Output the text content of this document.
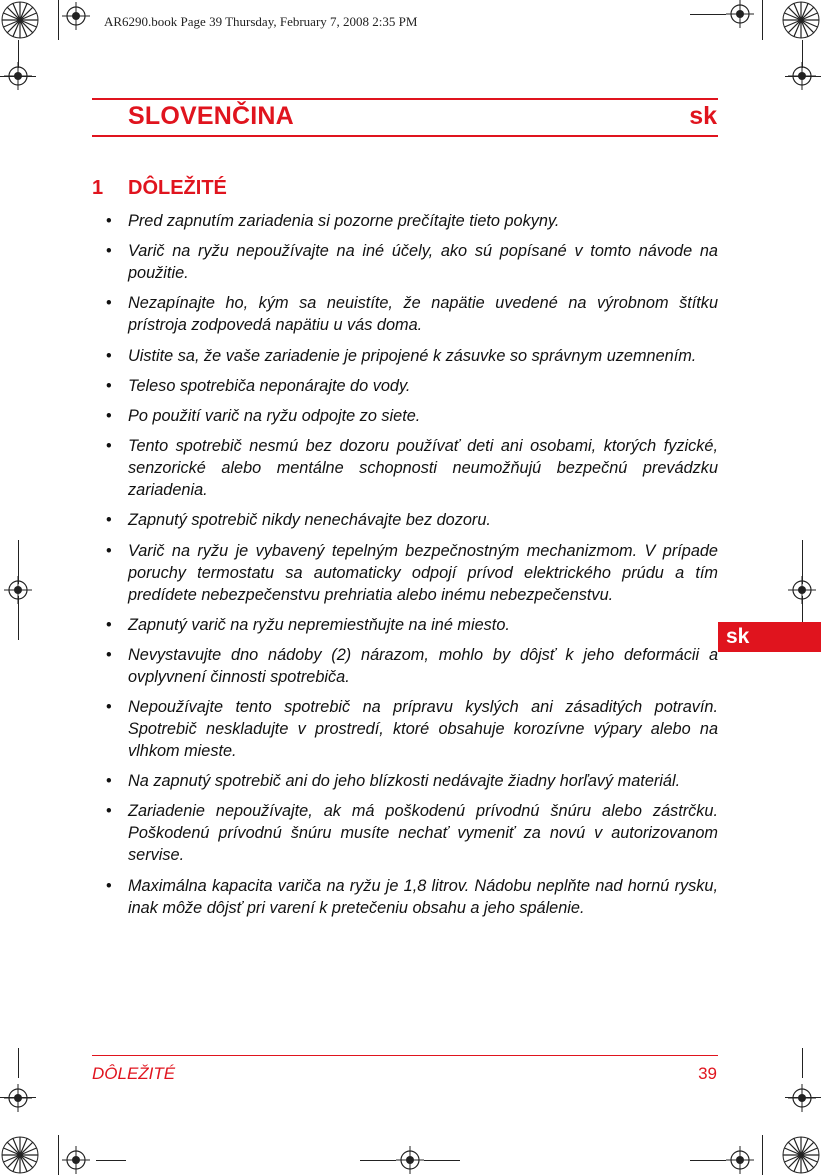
AR6290.book Page 39 Thursday, February 7, 2008 2:35 PM
SLOVENČINA	sk
1 DÔLEŽITÉ
sk
• Pred zapnutím zariadenia si pozorne prečítajte tieto pokyny.
• Varič na ryžu nepoužívajte na iné účely, ako sú popísané v tomto návode na použitie.
• Nezapínajte ho, kým sa neuistíte, že napätie uvedené na výrobnom štítku prístroja zodpovedá napätiu u vás doma.
• Uistite sa, že vaše zariadenie je pripojené k zásuvke so správnym uzemnením.
• Teleso spotrebiča neponárajte do vody.
• Po použití varič na ryžu odpojte zo siete.
• Tento spotrebič nesmú bez dozoru používať deti ani osobami, ktorých fyzické, senzorické alebo mentálne schopnosti neumožňujú bezpečnú prevádzku zariadenia.
• Zapnutý spotrebič nikdy nenechávajte bez dozoru.
• Varič na ryžu je vybavený tepelným bezpečnostným mechanizmom. V prípade poruchy termostatu sa automaticky odpojí prívod elektrického prúdu a tím predídete nebezpečenstvu prehriatia alebo inému nebezpečenstvu.
• Zapnutý varič na ryžu nepremiestňujte na iné miesto.
• Nevystavujte dno nádoby (2) nárazom, mohlo by dôjsť k jeho deformácii a ovplyvnení činnosti spotrebiča.
• Nepoužívajte tento spotrebič na prípravu kyslých ani zásaditých potravín. Spotrebič neskladujte v prostredí, ktoré obsahuje korozívne výpary alebo na vlhkom mieste.
• Na zapnutý spotrebič ani do jeho blízkosti nedávajte žiadny horľavý materiál.
• Zariadenie nepoužívajte, ak má poškodenú prívodnú šnúru alebo zástrčku. Poškodenú prívodnú šnúru musíte nechať vymeniť za novú v autorizovanom servise.
• Maximálna kapacita variča na ryžu je 1,8 litrov. Nádobu neplňte nad hornú rysku, inak môže dôjsť pri varení k pretečeniu obsahu a jeho spálenie.
DÔLEŽITÉ	39
